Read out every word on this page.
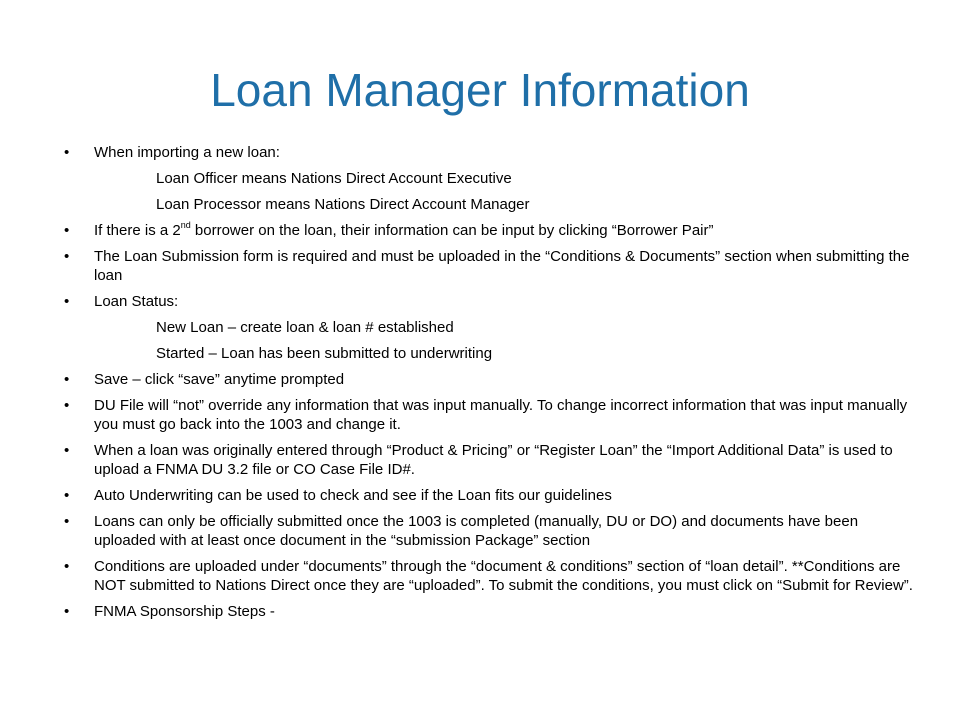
Loan Manager Information
• When importing a new loan:
Loan Officer means Nations Direct Account Executive
Loan Processor means Nations Direct Account Manager
• If there is a 2nd borrower on the loan, their information can be input by clicking “Borrower Pair”
• The Loan Submission form is required and must be uploaded in the “Conditions & Documents” section when submitting the loan
• Loan Status:
New Loan – create loan & loan # established
Started – Loan has been submitted to underwriting
• Save – click “save” anytime prompted
• DU File will “not” override any information that was input manually. To change incorrect information that was input manually you must go back into the 1003 and change it.
• When a loan was originally entered through “Product & Pricing” or “Register Loan” the “Import Additional Data” is used to upload a FNMA DU 3.2 file or CO Case File ID#.
• Auto Underwriting can be used to check and see if the Loan fits our guidelines
• Loans can only be officially submitted once the 1003 is completed (manually, DU or DO) and documents have been uploaded with at least once document in the “submission Package” section
• Conditions are uploaded under “documents” through the “document & conditions” section of “loan detail”. **Conditions are NOT submitted to Nations Direct once they are “uploaded”. To submit the conditions, you must click on “Submit for Review”.
• FNMA Sponsorship Steps -
